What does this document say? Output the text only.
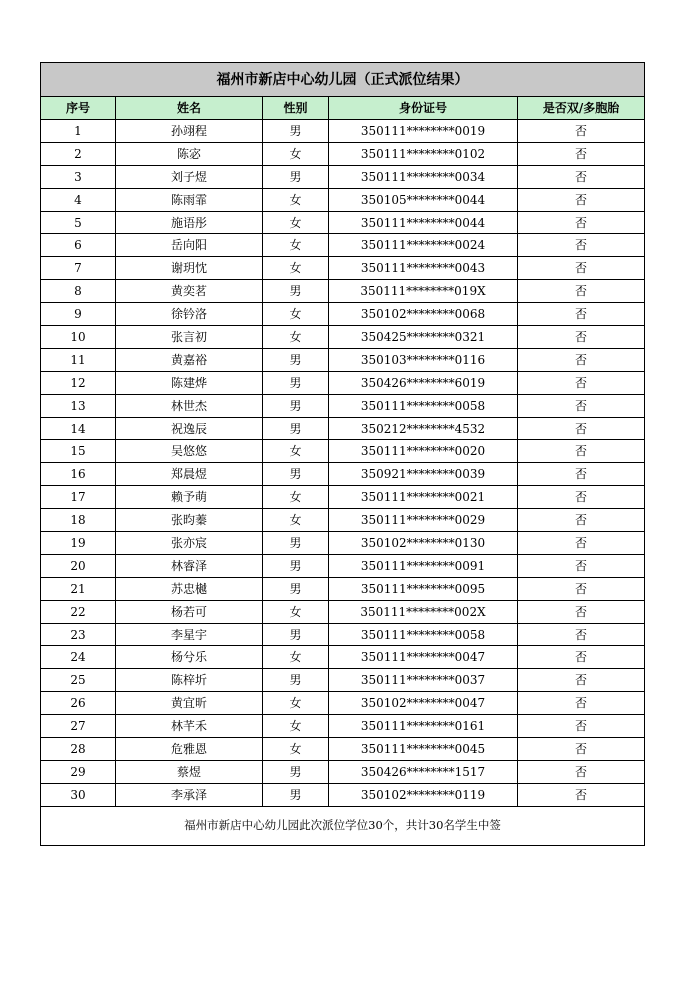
福州市新店中心幼儿园（正式派位结果）				
序号	姓名	性别	身份证号	是否双/多胞胎
1	孙翊程	男	350111********0019	否
2	陈宓	女	350111********0102	否
3	刘子煜	男	350111********0034	否
4	陈雨霏	女	350105********0044	否
5	施语彤	女	350111********0044	否
6	岳向阳	女	350111********0024	否
7	谢玥忱	女	350111********0043	否
8	黄奕茗	男	350111********019X	否
9	徐钤洛	女	350102********0068	否
10	张言初	女	350425********0321	否
11	黄嘉裕	男	350103********0116	否
12	陈建烨	男	350426********6019	否
13	林世杰	男	350111********0058	否
14	祝逸辰	男	350212********4532	否
15	吴悠悠	女	350111********0020	否
16	郑晨煜	男	350921********0039	否
17	赖予萌	女	350111********0021	否
18	张昀蓁	女	350111********0029	否
19	张亦宸	男	350102********0130	否
20	林睿泽	男	350111********0091	否
21	苏忠樾	男	350111********0095	否
22	杨若可	女	350111********002X	否
23	李星宇	男	350111********0058	否
24	杨兮乐	女	350111********0047	否
25	陈梓圻	男	350111********0037	否
26	黄宜昕	女	350102********0047	否
27	林芊禾	女	350111********0161	否
28	危雅恩	女	350111********0045	否
29	蔡煜	男	350426********1517	否
30	李承泽	男	350102********0119	否
福州市新店中心幼儿园此次派位学位30个，共计30名学生中签				
